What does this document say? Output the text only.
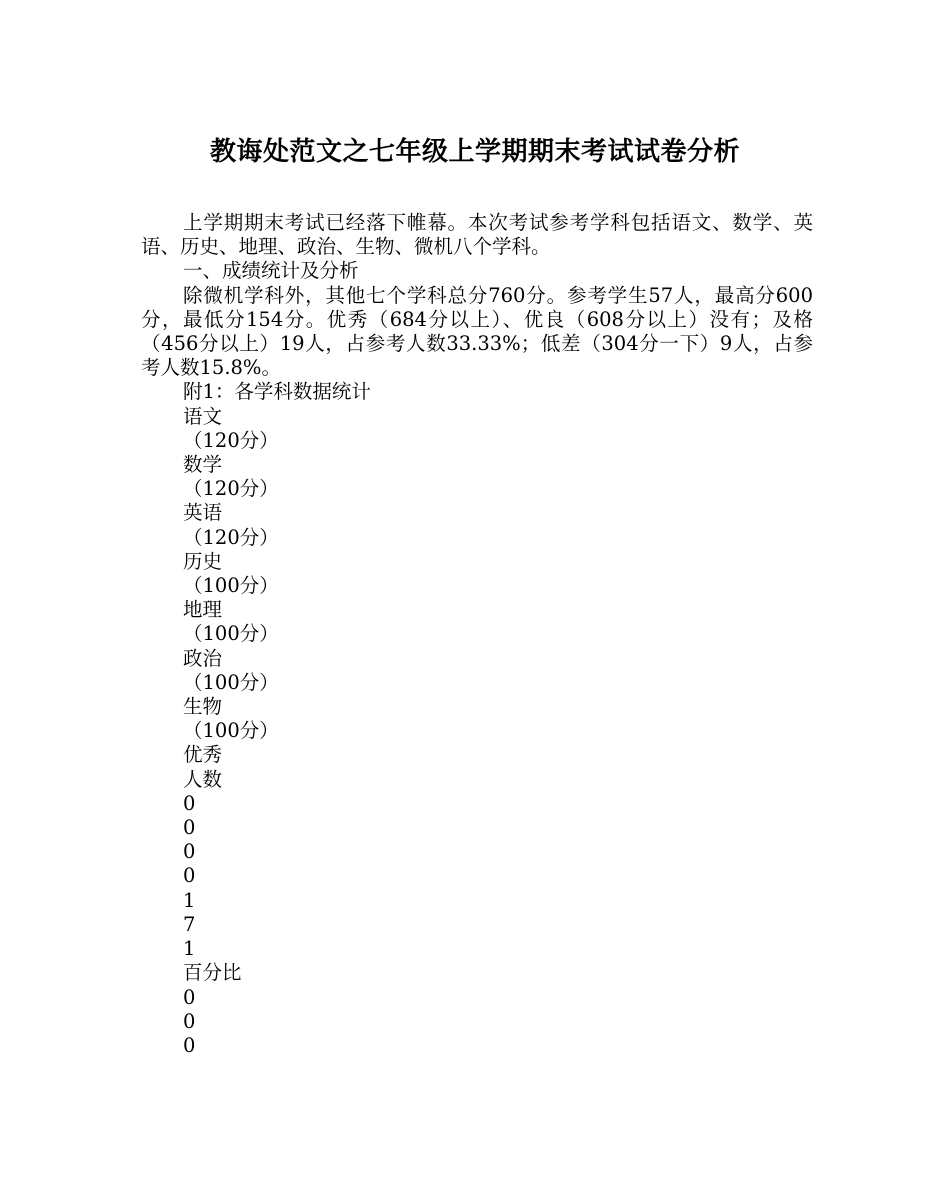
教诲处范文之七年级上学期期末考试试卷分析

上学期期末考试已经落下帷幕。本次考试参考学科包括语文、数学、英语、历史、地理、政治、生物、微机八个学科。

一、成绩统计及分析

除微机学科外，其他七个学科总分760分。参考学生57人，最高分600分，最低分154分。优秀（684分以上）、优良（608分以上）没有；及格（456分以上）19人，占参考人数33.33%；低差（304分一下）9人，占参考人数15.8%。

附1：各学科数据统计

语文
（120分）
数学
（120分）
英语
（120分）
历史
（100分）
地理
（100分）
政治
（100分）
生物
（100分）
优秀
人数
0
0
0
0
1
7
1
百分比
0
0
0
